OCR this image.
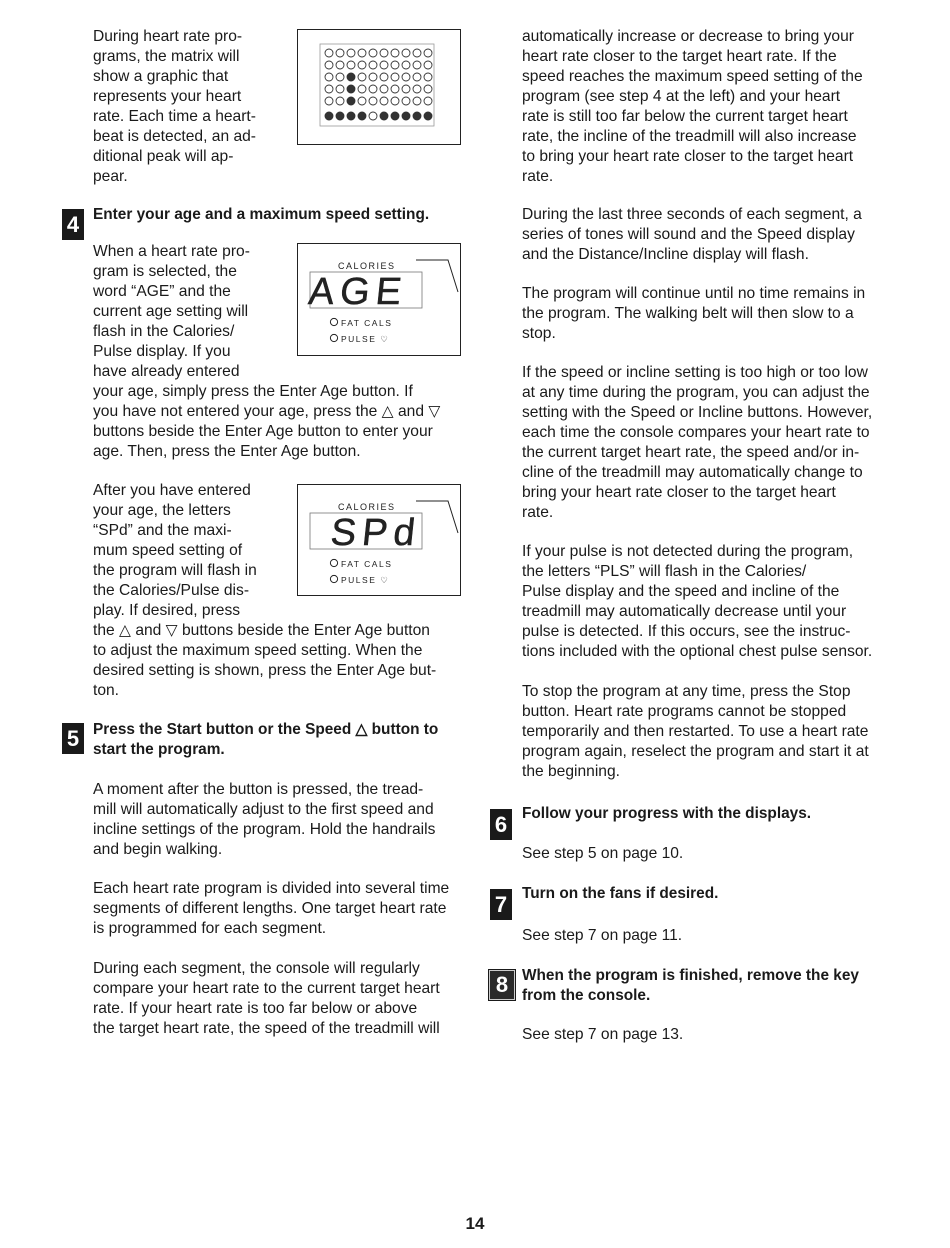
During heart rate pro-
grams, the matrix will
show a graphic that
represents your heart
rate. Each time a heart-
beat is detected, an ad-
ditional peak will ap-
pear.
4 Enter your age and a maximum speed setting.
When a heart rate pro-
gram is selected, the
word “AGE” and the
current age setting will
flash in the Calories/
Pulse display. If you
have already entered
your age, simply press the Enter Age button. If
you have not entered your age, press the △ and ▽
buttons beside the Enter Age button to enter your
age. Then, press the Enter Age button.
CALORIES
AGE
FAT CALS
PULSE ♡
After you have entered
your age, the letters
“SPd” and the maxi-
mum speed setting of
the program will flash in
the Calories/Pulse dis-
play. If desired, press
the △ and ▽ buttons beside the Enter Age button
to adjust the maximum speed setting. When the
desired setting is shown, press the Enter Age but-
ton.
CALORIES
SPd
FAT CALS
PULSE ♡
5 Press the Start button or the Speed △ button to
start the program.
A moment after the button is pressed, the tread-
mill will automatically adjust to the first speed and
incline settings of the program. Hold the handrails
and begin walking.
Each heart rate program is divided into several time
segments of different lengths. One target heart rate
is programmed for each segment.
During each segment, the console will regularly
compare your heart rate to the current target heart
rate. If your heart rate is too far below or above
the target heart rate, the speed of the treadmill will
automatically increase or decrease to bring your
heart rate closer to the target heart rate. If the
speed reaches the maximum speed setting of the
program (see step 4 at the left) and your heart
rate is still too far below the current target heart
rate, the incline of the treadmill will also increase
to bring your heart rate closer to the target heart
rate.
During the last three seconds of each segment, a
series of tones will sound and the Speed display
and the Distance/Incline display will flash.
The program will continue until no time remains in
the program. The walking belt will then slow to a
stop.
If the speed or incline setting is too high or too low
at any time during the program, you can adjust the
setting with the Speed or Incline buttons. However,
each time the console compares your heart rate to
the current target heart rate, the speed and/or in-
cline of the treadmill may automatically change to
bring your heart rate closer to the target heart
rate.
If your pulse is not detected during the program,
the letters “PLS” will flash in the Calories/
Pulse display and the speed and incline of the
treadmill may automatically decrease until your
pulse is detected. If this occurs, see the instruc-
tions included with the optional chest pulse sensor.
To stop the program at any time, press the Stop
button. Heart rate programs cannot be stopped
temporarily and then restarted. To use a heart rate
program again, reselect the program and start it at
the beginning.
6 Follow your progress with the displays.
See step 5 on page 10.
7 Turn on the fans if desired.
See step 7 on page 11.
8 When the program is finished, remove the key
from the console.
See step 7 on page 13.
14
